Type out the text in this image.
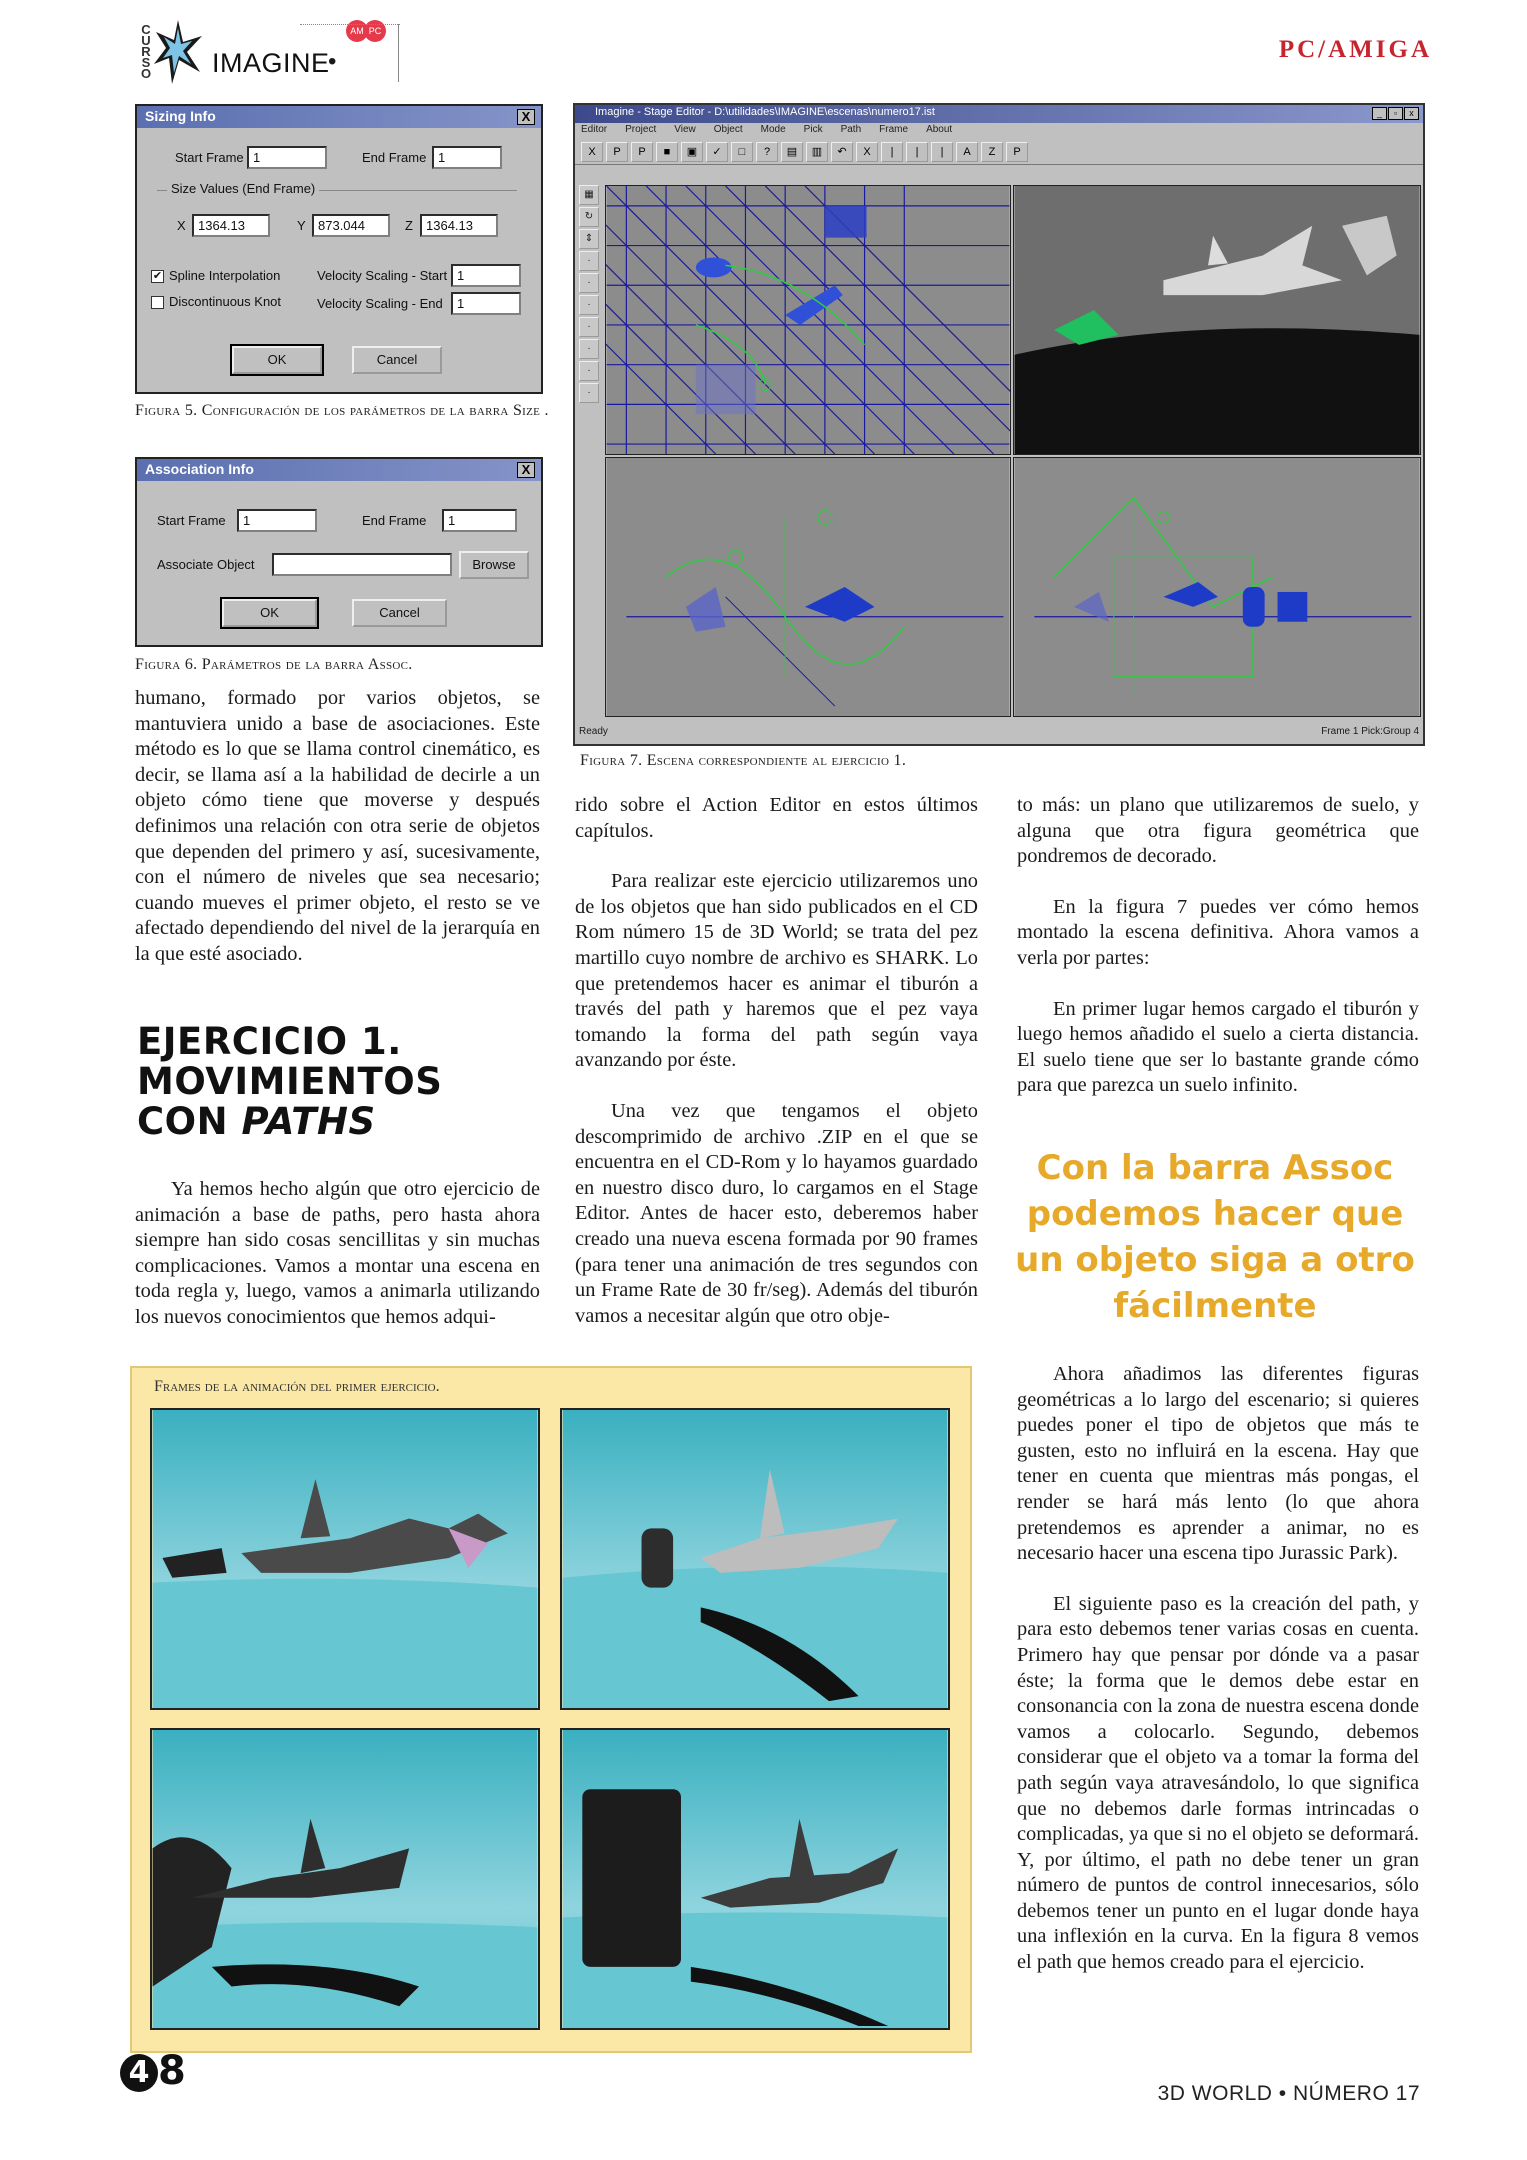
C
U
R
S
O IMAGINE
•
AM PC
PC/AMIGA
Sizing Info	X
Start Frame 1	End Frame 1
Size Values (End Frame)
X 1364.13	Y 873.044	Z	1364.13
✔ Spline Interpolation
Discontinuous Knot
Velocity Scaling - Start 1
Velocity Scaling - End	1
OK	Cancel
Figura 5. Configuración de los parámetros de la barra Size .
Association Info	X
Start Frame	1	End Frame	1
Associate Object	Browse
OK	Cancel
Figura 6. Parámetros de la barra Assoc.
Imagine - Stage Editor - D:\utilidades\IMAGINE\escenas\numero17.ist	_	▫	x
Editor Project View Object Mode Pick Path Frame About
X	P	P	■	▣	✓	□	?	▤	▥	↶	X	|	|	|	A	Z	P
▦
↻
⇕
·
·
·
·
·
·
·
Ready	Frame 1 Pick:Group 4
Figura 7. Escena correspondiente al ejercicio 1.

humano, formado por varios objetos, se mantuviera unido a base de asociaciones. Este método es lo que se llama control cinemático, es decir, se llama así a la habilidad de decirle a un objeto cómo tiene que moverse y después definimos una relación con otra serie de objetos que dependen del primero y así, sucesivamente, con el número de niveles que sea necesario; cuando mueves el primer objeto, el resto se ve afectado dependiendo del nivel de la jerarquía en la que esté asociado.

EJERCICIO 1.
MOVIMIENTOS
CON PATHS

Ya hemos hecho algún que otro ejercicio de animación a base de paths, pero hasta ahora siempre han sido cosas sencillitas y sin muchas complicaciones. Vamos a montar una escena en toda regla y, luego, vamos a animarla utilizando los nuevos conocimientos que hemos adqui-

rido sobre el Action Editor en estos últimos capítulos.

Para realizar este ejercicio utilizaremos uno de los objetos que han sido publicados en el CD Rom número 15 de 3D World; se trata del pez martillo cuyo nombre de archivo es SHARK. Lo que pretendemos hacer es animar el tiburón a través del path y haremos que el pez vaya tomando la forma del path según vaya avanzando por éste.

Una vez que tengamos el objeto descomprimido de archivo .ZIP en el que se encuentra en el CD-Rom y lo hayamos guardado en nuestro disco duro, lo cargamos en el Stage Editor. Antes de hacer esto, deberemos haber creado una nueva escena formada por 90 frames (para tener una animación de tres segundos con un Frame Rate de 30 fr/seg). Además del tiburón vamos a necesitar algún que otro obje-

to más: un plano que utilizaremos de suelo, y alguna que otra figura geométrica que pondremos de decorado.

En la figura 7 puedes ver cómo hemos montado la escena definitiva. Ahora vamos a verla por partes:

En primer lugar hemos cargado el tiburón y luego hemos añadido el suelo a cierta distancia. El suelo tiene que ser lo bastante grande cómo para que parezca un suelo infinito.

Con la barra Assoc podemos hacer que un objeto siga a otro fácilmente

Ahora añadimos las diferentes figuras geométricas a lo largo del escenario; si quieres puedes poner el tipo de objetos que más te gusten, esto no influirá en la escena. Hay que tener en cuenta que mientras más pongas, el render se hará más lento (lo que ahora pretendemos es aprender a animar, no es necesario hacer una escena tipo Jurassic Park).

El siguiente paso es la creación del path, y para esto debemos tener varias cosas en cuenta. Primero hay que pensar por dónde va a pasar éste; la forma que le demos debe estar en consonancia con la zona de nuestra escena donde vamos a colocarlo. Segundo, debemos considerar que el objeto va a tomar la forma del path según vaya atravesándolo, lo que significa que no debemos darle formas intrincadas o complicadas, ya que si no el objeto se deformará. Y, por último, el path no debe tener un gran número de puntos de control innecesarios, sólo debemos tener un punto en el lugar donde haya una inflexión en la curva. En la figura 8 vemos el path que hemos creado para el ejercicio.

Frames de la animación del primer ejercicio.
4 8	3D WORLD • NÚMERO 17
